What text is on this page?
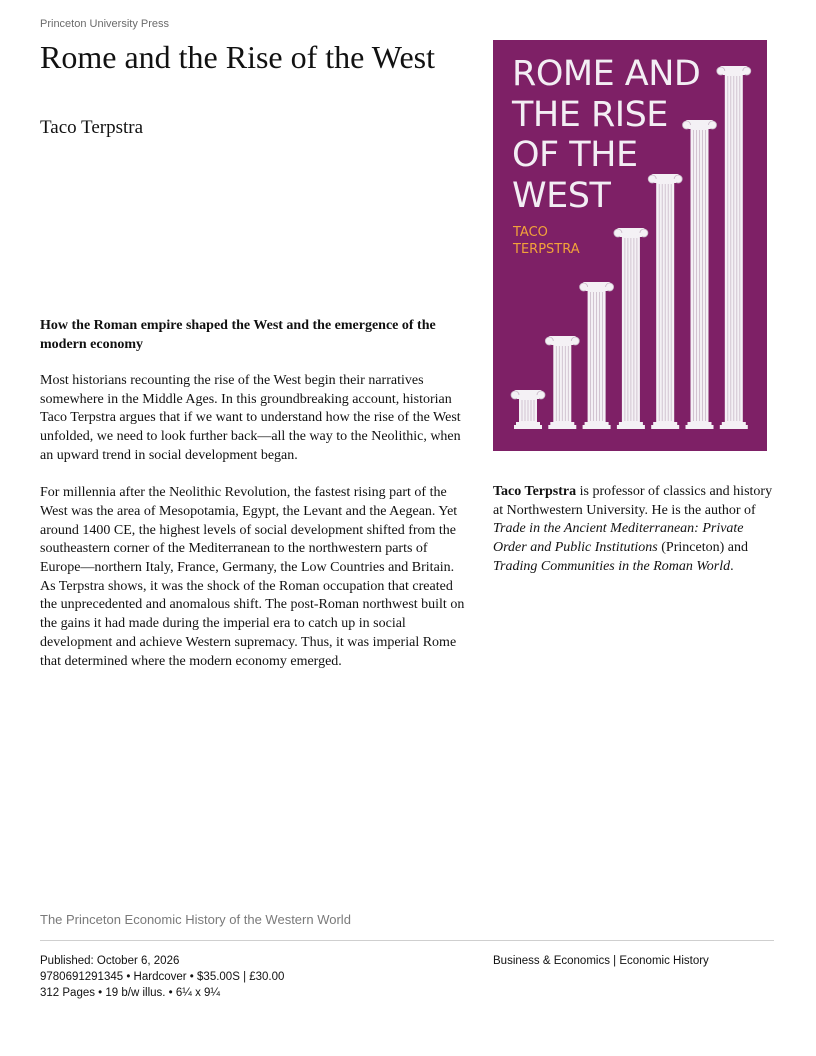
Princeton University Press
Rome and the Rise of the West
Taco Terpstra

How the Roman empire shaped the West and the emergence of the modern economy

Most historians recounting the rise of the West begin their narratives somewhere in the Middle Ages. In this groundbreaking account, historian Taco Terpstra argues that if we want to understand how the rise of the West unfolded, we need to look further back—all the way to the Neolithic, when an upward trend in social development began.

For millennia after the Neolithic Revolution, the fastest rising part of the West was the area of Mesopotamia, Egypt, the Levant and the Aegean. Yet around 1400 CE, the highest levels of social development shifted from the southeastern corner of the Mediterranean to the northwestern parts of Europe—northern Italy, France, Germany, the Low Countries and Britain. As Terpstra shows, it was the shock of the Roman occupation that created the unprecedented and anomalous shift. The post-Roman northwest built on the gains it had made during the imperial era to catch up in social development and achieve Western supremacy. Thus, it was imperial Rome that determined where the modern economy emerged.

ROME AND THE RISE OF THE WEST
TACO TERPSTRA
Taco Terpstra is professor of classics and history at Northwestern University. He is the author of Trade in the Ancient Mediterranean: Private Order and Public Institutions (Princeton) and Trading Communities in the Roman World.
The Princeton Economic History of the Western World
Published: October 6, 2026
9780691291345 • Hardcover • $35.00S | £30.00
312 Pages • 19 b/w illus. • 6¼ x 9¼
Business & Economics | Economic History
